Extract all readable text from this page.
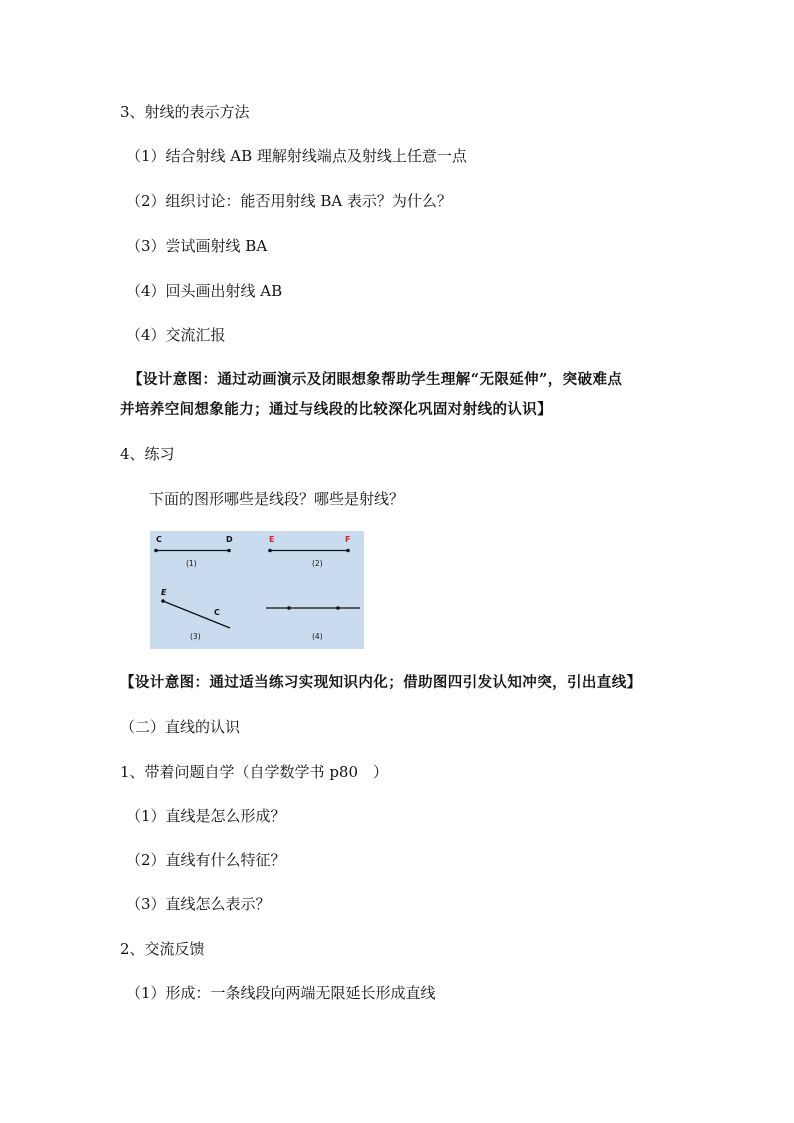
3、射线的表示方法
（1）结合射线 AB 理解射线端点及射线上任意一点
（2）组织讨论：能否用射线 BA 表示？为什么？
（3）尝试画射线 BA
（4）回头画出射线 AB
（4）交流汇报
【设计意图：通过动画演示及闭眼想象帮助学生理解“无限延伸”，突破难点
并培养空间想象能力；通过与线段的比较深化巩固对射线的认识】
4、练习
下面的图形哪些是线段？哪些是射线？
C	D
(1)
E	F
(2)
E
C
(3)	(4)
【设计意图：通过适当练习实现知识内化；借助图四引发认知冲突，引出直线】
（二）直线的认识
1、带着问题自学（自学数学书 p80　）
（1）直线是怎么形成？
（2）直线有什么特征？
（3）直线怎么表示？
2、交流反馈
（1）形成：一条线段向两端无限延长形成直线
